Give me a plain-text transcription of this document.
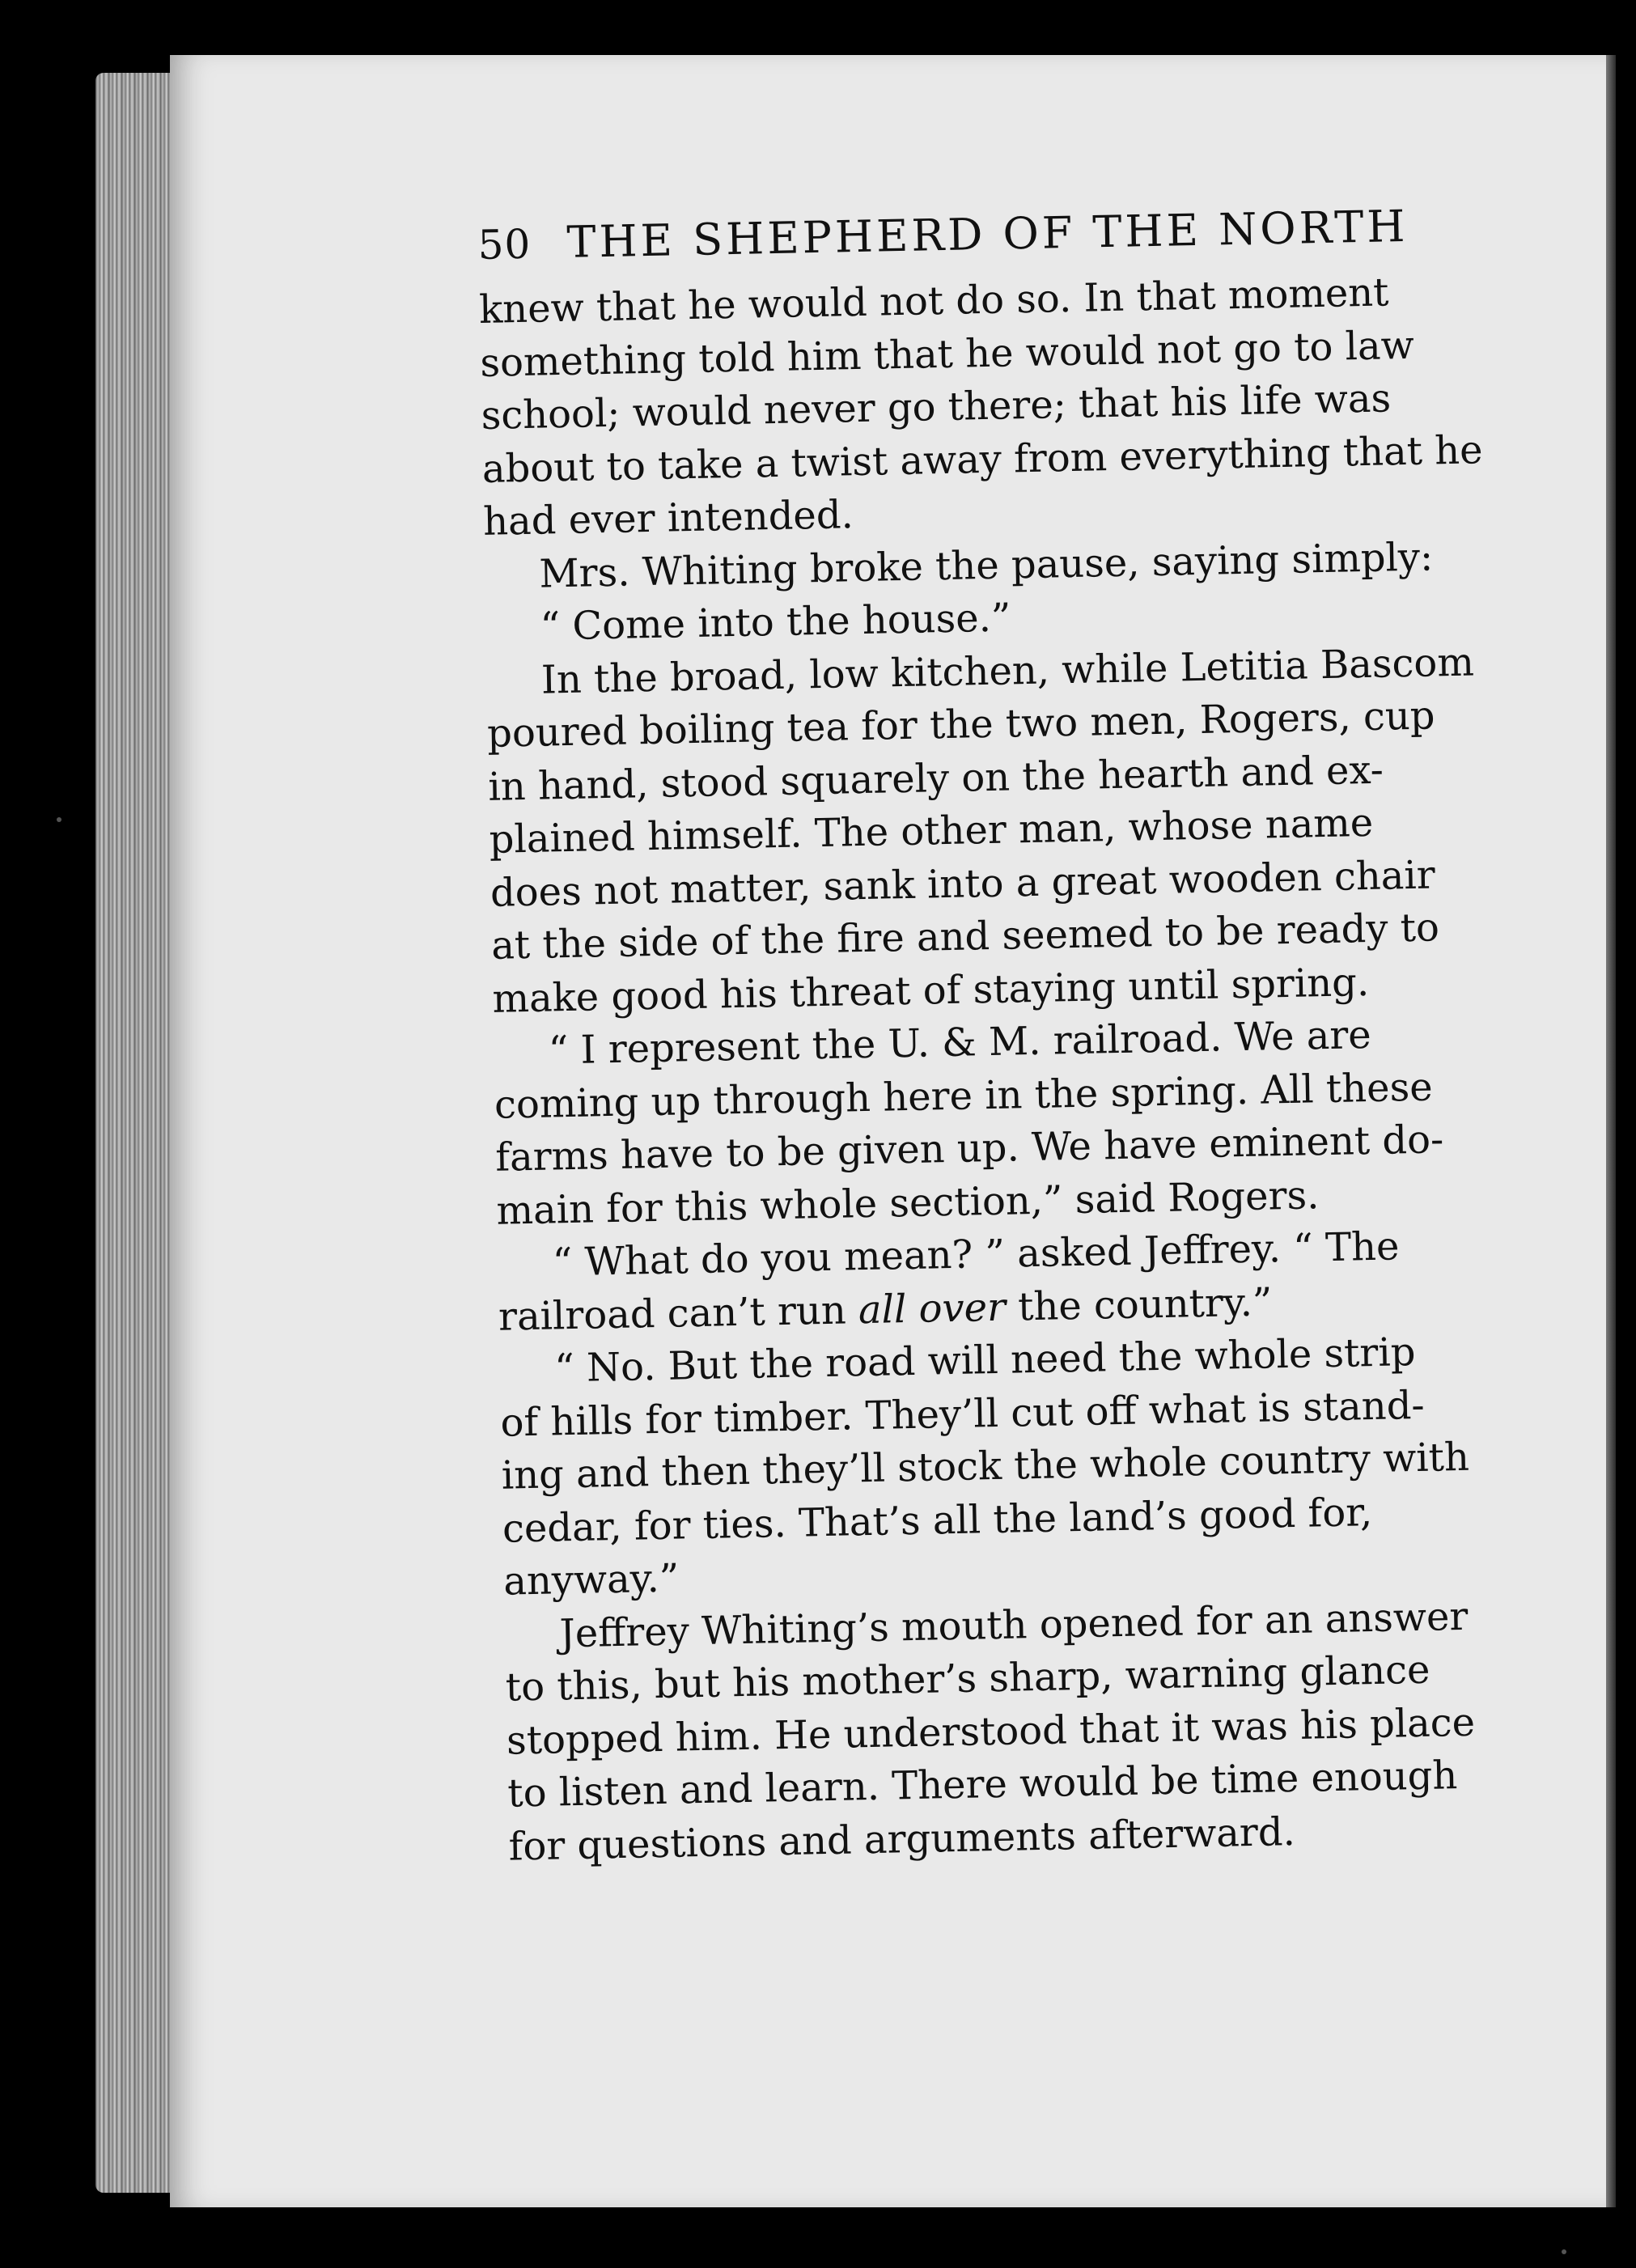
50 THE SHEPHERD OF THE NORTH

knew that he would not do so. In that moment
something told him that he would not go to law
school; would never go there; that his life was
about to take a twist away from everything that he
had ever intended.

Mrs. Whiting broke the pause, saying simply:

“ Come into the house.”

In the broad, low kitchen, while Letitia Bascom
poured boiling tea for the two men, Rogers, cup
in hand, stood squarely on the hearth and ex-
plained himself. The other man, whose name
does not matter, sank into a great wooden chair
at the side of the fire and seemed to be ready to
make good his threat of staying until spring.

“ I represent the U. & M. railroad. We are
coming up through here in the spring. All these
farms have to be given up. We have eminent do-
main for this whole section,” said Rogers.

“ What do you mean? ” asked Jeffrey. “ The
railroad can’t run all over the country.”

“ No. But the road will need the whole strip
of hills for timber. They’ll cut off what is stand-
ing and then they’ll stock the whole country with
cedar, for ties. That’s all the land’s good for,
anyway.”

Jeffrey Whiting’s mouth opened for an answer
to this, but his mother’s sharp, warning glance
stopped him. He understood that it was his place
to listen and learn. There would be time enough
for questions and arguments afterward.
